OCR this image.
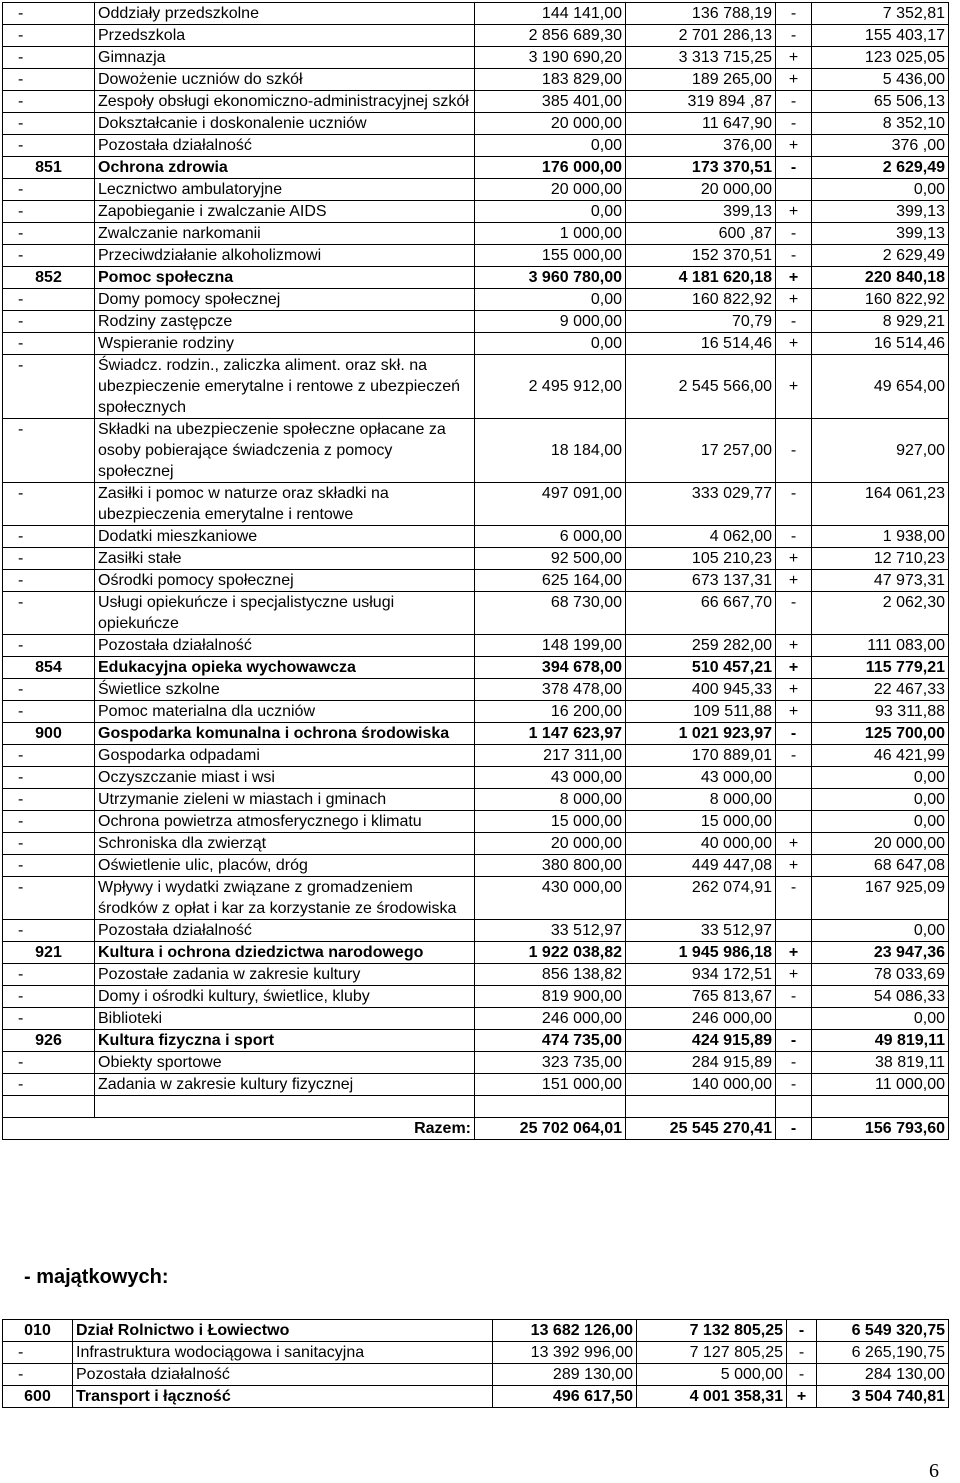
-	Oddziały przedszkolne	144 141,00	136 788,19	-	7 352,81
-	Przedszkola	2 856 689,30	2 701 286,13	-	155 403,17
-	Gimnazja	3 190 690,20	3 313 715,25	+	123 025,05
-	Dowożenie uczniów do szkół	183 829,00	189 265,00	+	5 436,00
-	Zespoły obsługi ekonomiczno-administracyjnej szkół	385 401,00	319 894 ,87	-	65 506,13
-	Dokształcanie i doskonalenie uczniów	20 000,00	11 647,90	-	8 352,10
-	Pozostała działalność	0,00	376,00	+	376 ,00
851	Ochrona zdrowia	176 000,00	173 370,51	-	2 629,49
-	Lecznictwo ambulatoryjne	20 000,00	20 000,00		0,00
-	Zapobieganie i zwalczanie AIDS	0,00	399,13	+	399,13
-	Zwalczanie narkomanii	1 000,00	600 ,87	-	399,13
-	Przeciwdziałanie alkoholizmowi	155 000,00	152 370,51	-	2 629,49
852	Pomoc społeczna	3 960 780,00	4 181 620,18	+	220 840,18
-	Domy pomocy społecznej	0,00	160 822,92	+	160 822,92
-	Rodziny zastępcze	9 000,00	70,79	-	8 929,21
-	Wspieranie rodziny	0,00	16 514,46	+	16 514,46
-	Świadcz. rodzin., zaliczka aliment. oraz skł. na ubezpieczenie emerytalne i rentowe z ubezpieczeń społecznych	2 495 912,00	2 545 566,00	+	49 654,00
-	Składki na ubezpieczenie społeczne opłacane za osoby pobierające świadczenia z pomocy społecznej	18 184,00	17 257,00	-	927,00
-	Zasiłki i pomoc w naturze oraz składki na ubezpieczenia emerytalne i rentowe	497 091,00	333 029,77	-	164 061,23
-	Dodatki mieszkaniowe	6 000,00	4 062,00	-	1 938,00
-	Zasiłki stałe	92 500,00	105 210,23	+	12 710,23
-	Ośrodki pomocy społecznej	625 164,00	673 137,31	+	47 973,31
-	Usługi opiekuńcze i specjalistyczne usługi opiekuńcze	68 730,00	66 667,70	-	2 062,30
-	Pozostała działalność	148 199,00	259 282,00	+	111 083,00
854	Edukacyjna opieka wychowawcza	394 678,00	510 457,21	+	115 779,21
-	Świetlice szkolne	378 478,00	400 945,33	+	22 467,33
-	Pomoc materialna dla uczniów	16 200,00	109 511,88	+	93 311,88
900	Gospodarka komunalna i ochrona środowiska	1 147 623,97	1 021 923,97	-	125 700,00
-	Gospodarka odpadami	217 311,00	170 889,01	-	46 421,99
-	Oczyszczanie miast i wsi	43 000,00	43 000,00		0,00
-	Utrzymanie zieleni w miastach i gminach	8 000,00	8 000,00		0,00
-	Ochrona powietrza atmosferycznego i klimatu	15 000,00	15 000,00		0,00
-	Schroniska dla zwierząt	20 000,00	40 000,00	+	20 000,00
-	Oświetlenie ulic, placów, dróg	380 800,00	449 447,08	+	68 647,08
-	Wpływy i wydatki związane z gromadzeniem środków z opłat i kar za korzystanie ze środowiska	430 000,00	262 074,91	-	167 925,09
-	Pozostała działalność	33 512,97	33 512,97		0,00
921	Kultura i ochrona dziedzictwa narodowego	1 922 038,82	1 945 986,18	+	23 947,36
-	Pozostałe zadania w zakresie kultury	856 138,82	934 172,51	+	78 033,69
-	Domy i ośrodki kultury, świetlice, kluby	819 900,00	765 813,67	-	54 086,33
-	Biblioteki	246 000,00	246 000,00		0,00
926	Kultura fizyczna i sport	474 735,00	424 915,89	-	49 819,11
-	Obiekty sportowe	323 735,00	284 915,89	-	38 819,11
-	Zadania w zakresie kultury fizycznej	151 000,00	140 000,00	-	11 000,00

Razem:		25 702 064,01	25 545 270,41	-	156 793,60
- majątkowych:
010	Dział Rolnictwo i Łowiectwo	13 682 126,00	7 132 805,25	-	6 549 320,75
-	Infrastruktura wodociągowa i sanitacyjna	13 392 996,00	7 127 805,25	-	6 265,190,75
-	Pozostała działalność	289 130,00	5 000,00	-	284 130,00
600	Transport i łączność	496 617,50	4 001 358,31	+	3 504 740,81
6
